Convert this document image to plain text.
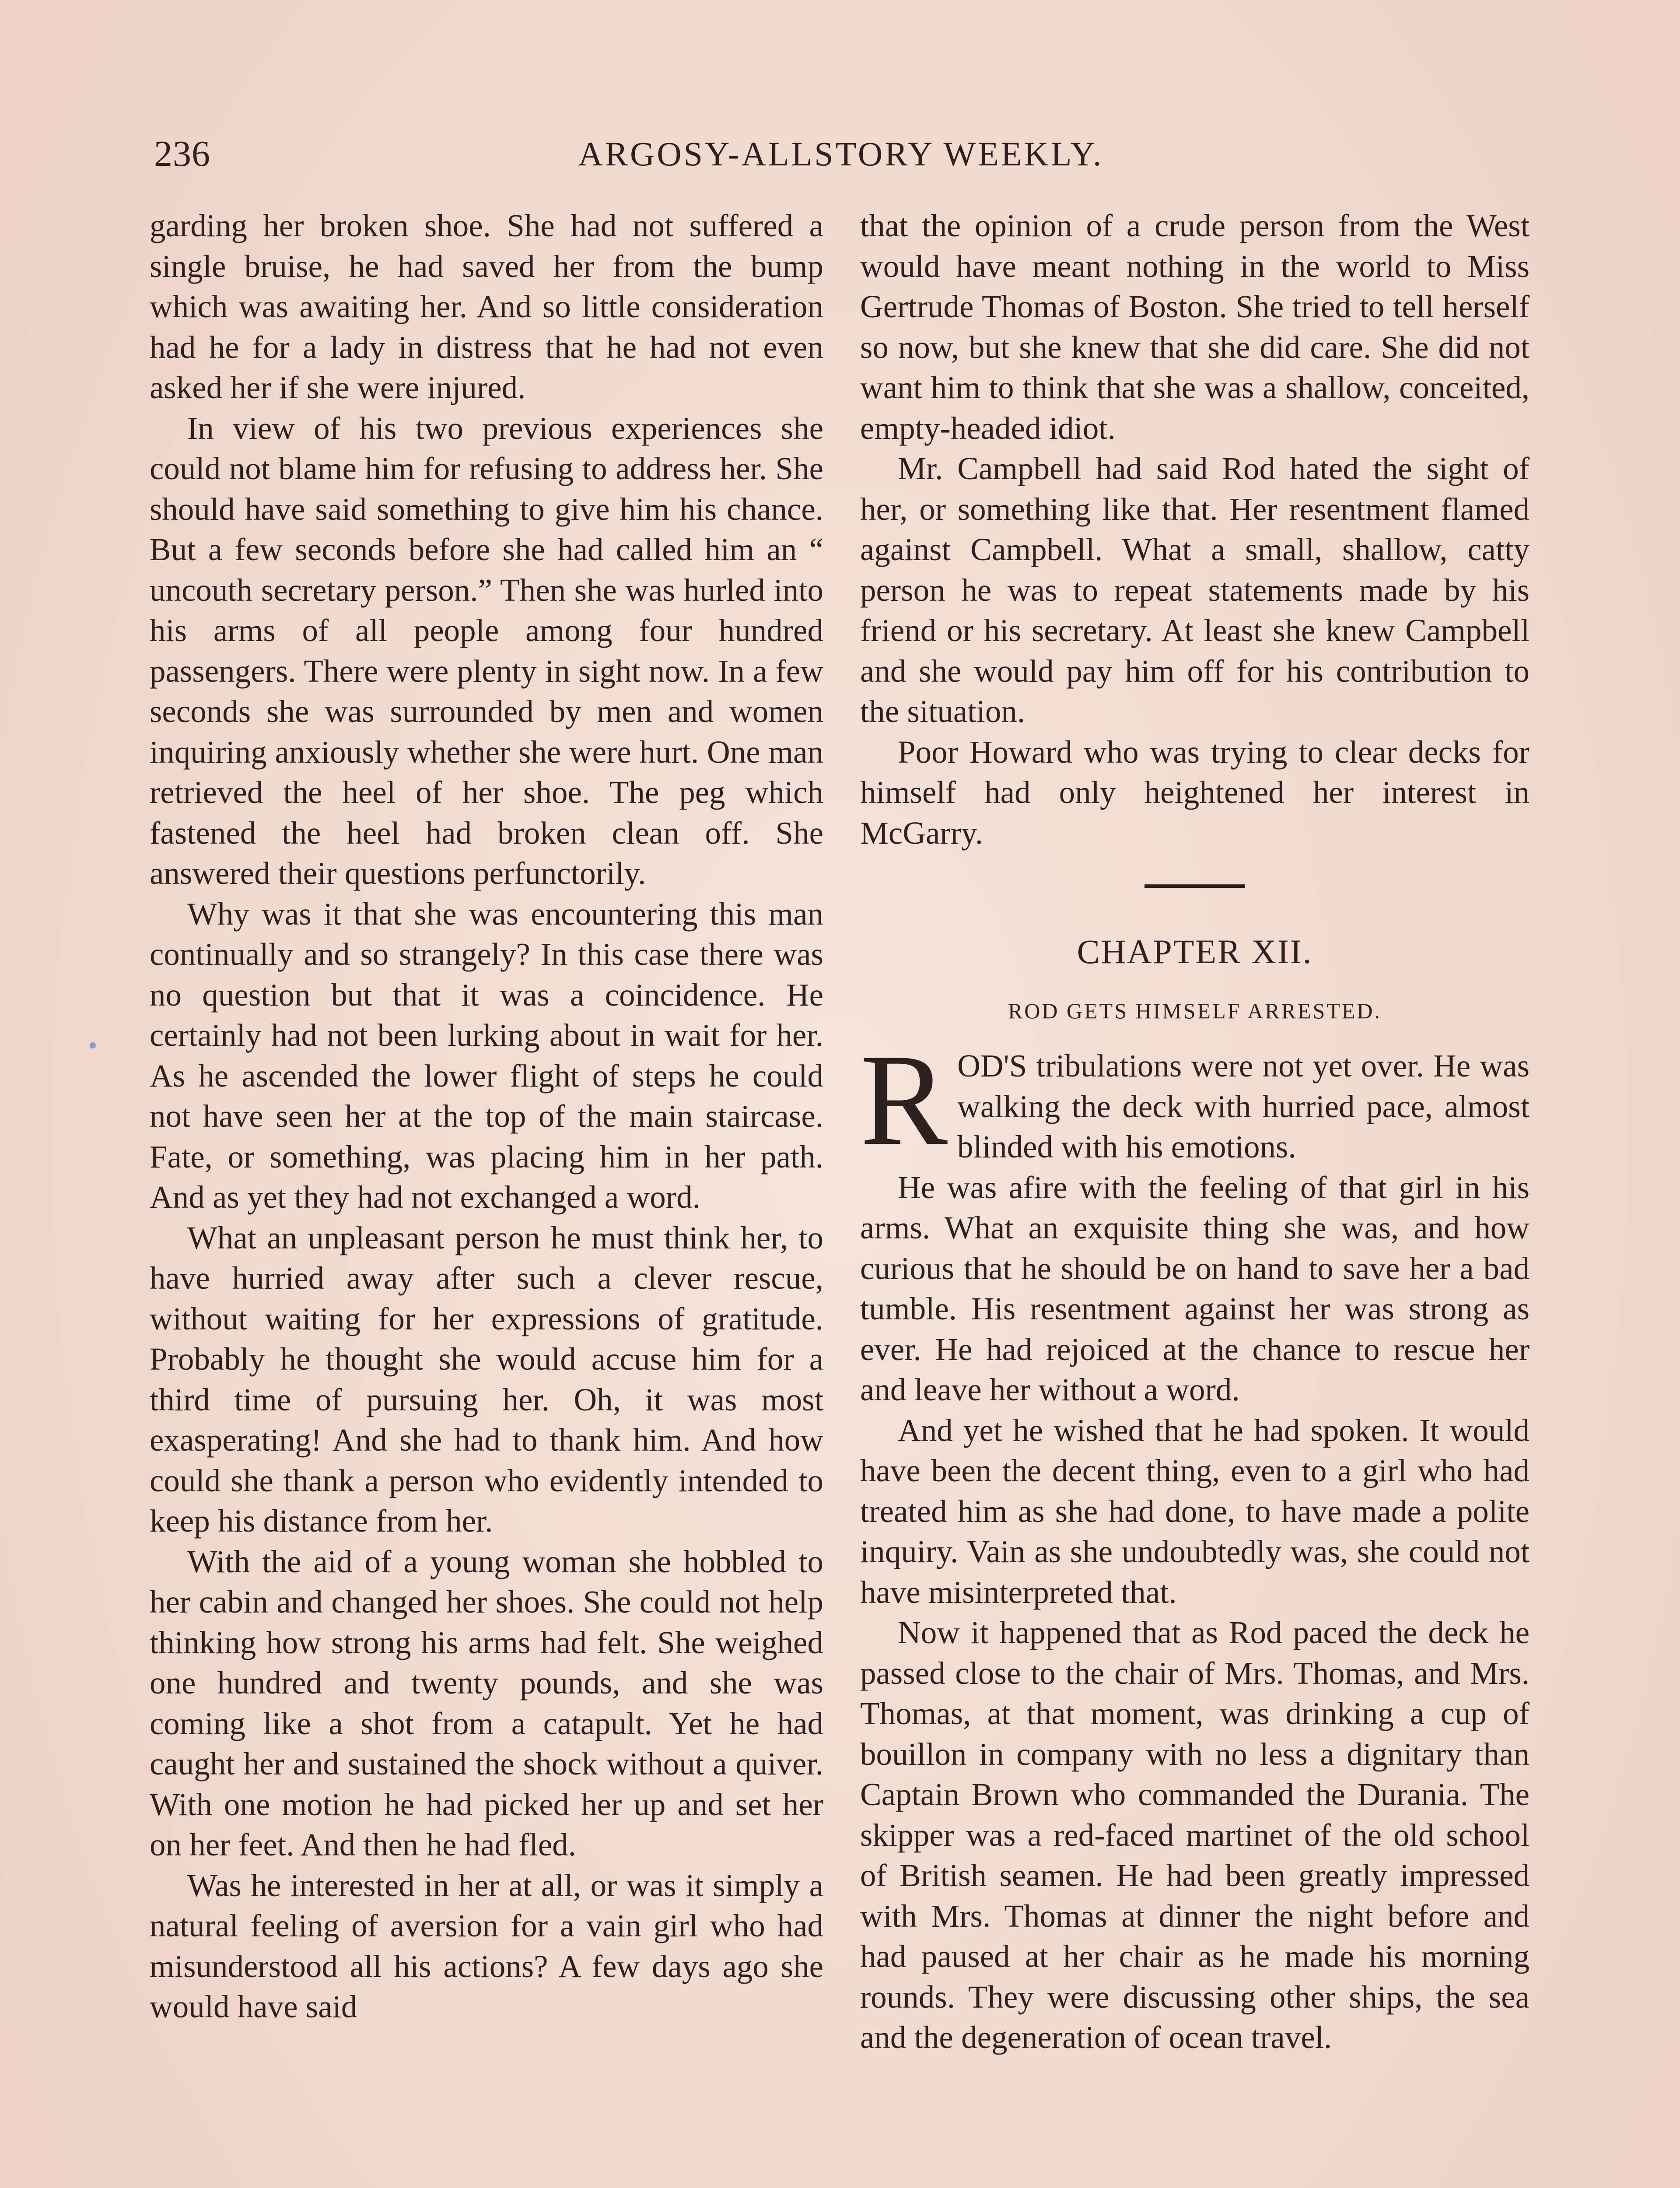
236	ARGOSY-ALLSTORY WEEKLY.

garding her broken shoe. She had not suffered a single bruise, he had saved her from the bump which was awaiting her. And so little consideration had he for a lady in distress that he had not even asked her if she were injured.

In view of his two previous experiences she could not blame him for refusing to address her. She should have said something to give him his chance. But a few seconds before she had called him an “ uncouth secretary person.” Then she was hurled into his arms of all people among four hundred passengers. There were plenty in sight now. In a few seconds she was surrounded by men and women inquiring anxiously whether she were hurt. One man retrieved the heel of her shoe. The peg which fastened the heel had broken clean off. She answered their questions perfunctorily.

Why was it that she was encountering this man continually and so strangely? In this case there was no question but that it was a coincidence. He certainly had not been lurking about in wait for her. As he ascended the lower flight of steps he could not have seen her at the top of the main staircase. Fate, or something, was placing him in her path. And as yet they had not exchanged a word.

What an unpleasant person he must think her, to have hurried away after such a clever rescue, without waiting for her expressions of gratitude. Probably he thought she would accuse him for a third time of pursuing her. Oh, it was most exasperating! And she had to thank him. And how could she thank a person who evidently intended to keep his distance from her.

With the aid of a young woman she hobbled to her cabin and changed her shoes. She could not help thinking how strong his arms had felt. She weighed one hundred and twenty pounds, and she was coming like a shot from a catapult. Yet he had caught her and sustained the shock without a quiver. With one motion he had picked her up and set her on her feet. And then he had fled.

Was he interested in her at all, or was it simply a natural feeling of aversion for a vain girl who had misunderstood all his actions? A few days ago she would have said

that the opinion of a crude person from the West would have meant nothing in the world to Miss Gertrude Thomas of Boston. She tried to tell herself so now, but she knew that she did care. She did not want him to think that she was a shallow, conceited, empty-headed idiot.

Mr. Campbell had said Rod hated the sight of her, or something like that. Her resentment flamed against Campbell. What a small, shallow, catty person he was to repeat statements made by his friend or his secretary. At least she knew Campbell and she would pay him off for his contribution to the situation.

Poor Howard who was trying to clear decks for himself had only heightened her interest in McGarry.

CHAPTER XII.
ROD GETS HIMSELF ARRESTED.

ROD'S tribulations were not yet over. He was walking the deck with hurried pace, almost blinded with his emotions.

He was afire with the feeling of that girl in his arms. What an exquisite thing she was, and how curious that he should be on hand to save her a bad tumble. His resentment against her was strong as ever. He had rejoiced at the chance to rescue her and leave her without a word.

And yet he wished that he had spoken. It would have been the decent thing, even to a girl who had treated him as she had done, to have made a polite inquiry. Vain as she undoubtedly was, she could not have misinterpreted that.

Now it happened that as Rod paced the deck he passed close to the chair of Mrs. Thomas, and Mrs. Thomas, at that moment, was drinking a cup of bouillon in company with no less a dignitary than Captain Brown who commanded the Durania. The skipper was a red-faced martinet of the old school of British seamen. He had been greatly impressed with Mrs. Thomas at dinner the night before and had paused at her chair as he made his morning rounds. They were discussing other ships, the sea and the degeneration of ocean travel.
